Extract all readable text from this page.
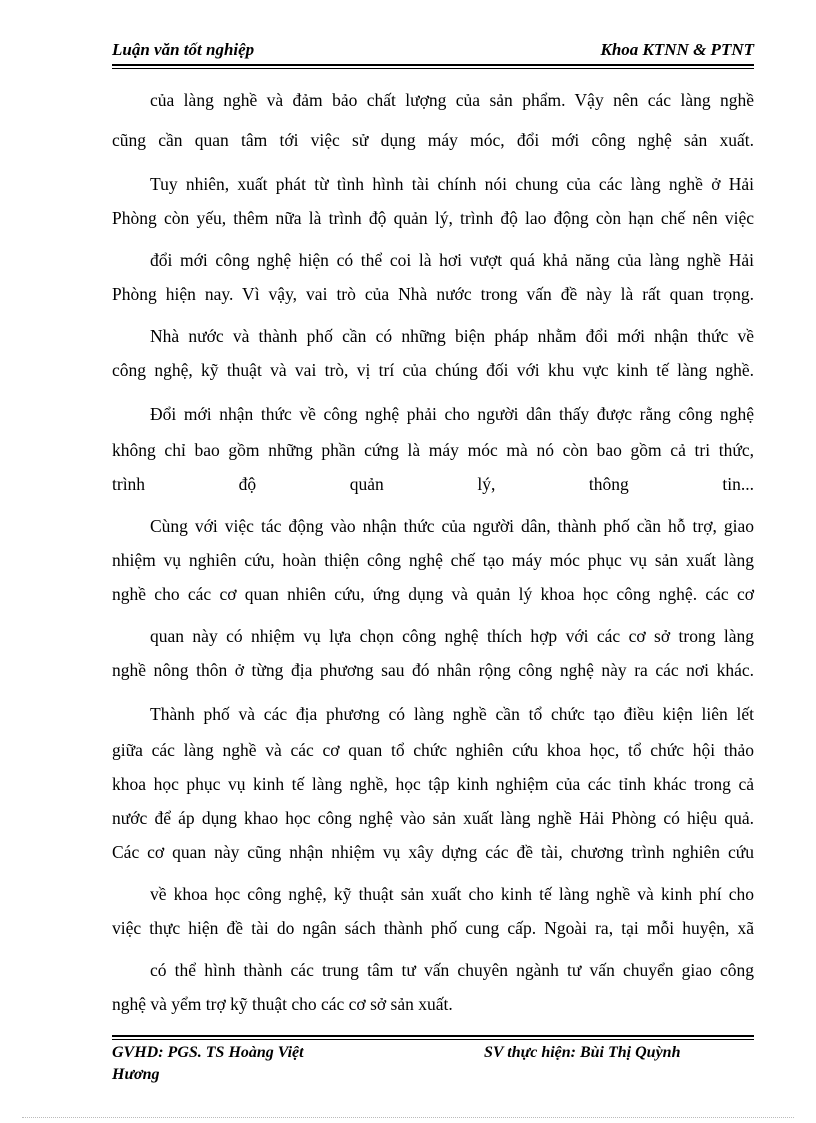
Luận văn tốt nghiệp	Khoa KTNN & PTNT
của làng nghề và đảm bảo chất lượng của sản phẩm. Vậy nên các làng nghề
cũng cần quan tâm tới việc sử dụng máy móc, đổi mới công nghệ sản xuất.
Tuy nhiên, xuất phát từ tình hình tài chính nói chung của các làng nghề ở Hải
Phòng còn yếu, thêm nữa là trình độ quản lý, trình độ lao động còn hạn chế nên việc
đổi mới công nghệ hiện có thể coi là hơi vượt quá khả năng của làng nghề Hải
Phòng hiện nay. Vì vậy, vai trò của Nhà nước trong vấn đề này là rất quan trọng.
Nhà nước và thành phố cần có những biện pháp nhằm đổi mới nhận thức về
công nghệ, kỹ thuật và vai trò, vị trí của chúng đối với khu vực kinh tế làng nghề.
Đổi mới nhận thức về công nghệ phải cho người dân thấy được rằng công nghệ
không chỉ bao gồm những phần cứng là máy móc mà nó còn bao gồm cả tri thức,
trình độ quản lý, thông tin...
Cùng với việc tác động vào nhận thức của người dân, thành phố cần hỗ trợ, giao
nhiệm vụ nghiên cứu, hoàn thiện công nghệ chế tạo máy móc phục vụ sản xuất làng
nghề cho các cơ quan nhiên cứu, ứng dụng và quản lý khoa học công nghệ. các cơ
quan này có nhiệm vụ lựa chọn công nghệ thích hợp với các cơ sở trong làng
nghề nông thôn ở từng địa phương sau đó nhân rộng công nghệ này ra các nơi khác.
Thành phố và các địa phương có làng nghề cần tổ chức tạo điều kiện liên lết
giữa các làng nghề và các cơ quan tổ chức nghiên cứu khoa học, tổ chức hội thảo
khoa học phục vụ kinh tế làng nghề, học tập kinh nghiệm của các tỉnh khác trong cả
nước để áp dụng khao học công nghệ vào sản xuất làng nghề Hải Phòng có hiệu quả.
Các cơ quan này cũng nhận nhiệm vụ xây dựng các đề tài, chương trình nghiên cứu
về khoa học công nghệ, kỹ thuật sản xuất cho kinh tế làng nghề và kinh phí cho
việc thực hiện đề tài do ngân sách thành phố cung cấp. Ngoài ra, tại mỗi huyện, xã
có thể hình thành các trung tâm tư vấn chuyên ngành tư vấn chuyển giao công
nghệ và yểm trợ kỹ thuật cho các cơ sở sản xuất.
GVHD: PGS. TS Hoàng Việt Hương
SV thực hiện: Bùi Thị Quỳnh
